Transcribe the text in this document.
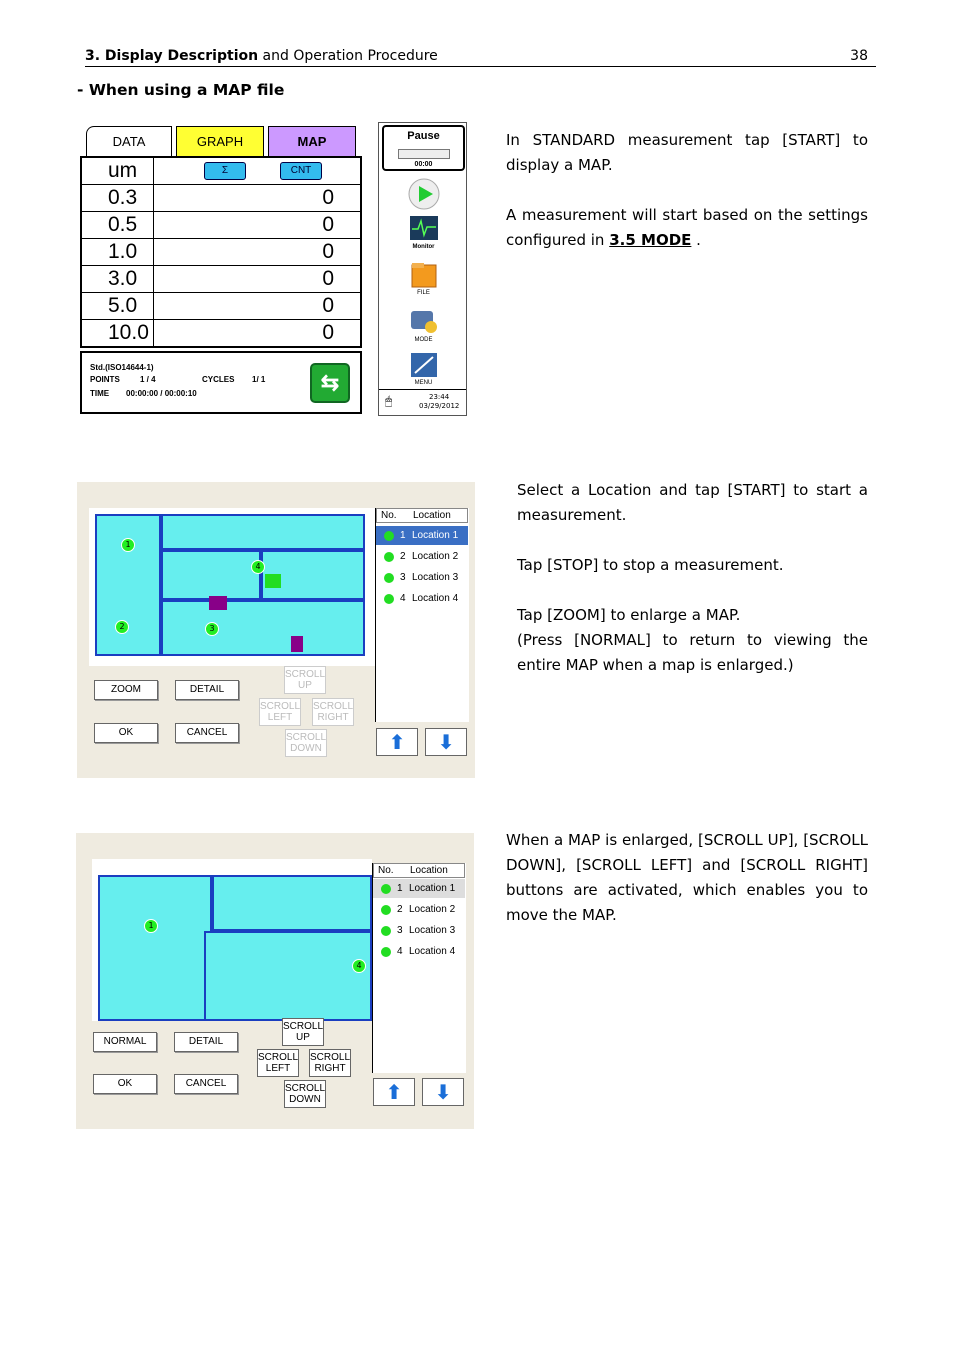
3. Display Description and Operation Procedure	38
- When using a MAP file
DATA	GRAPH	MAP
um	Σ	CNT
0.3	0
0.5	0
1.0	0
3.0	0
5.0	0
10.0	0
Std.(ISO14644-1)
POINTS	1 / 4	CYCLES 1/ 1
TIME 00:00:00 / 00:00:10	⇆
Pause
00:00
Monitor
FILE
MODE
MENU
🖱	23:44
03/29/2012

In STANDARD measurement tap [START] to display a MAP.

A measurement will start based on the settings configured in 3.5 MODE .

1
2	3
4
No. Location
1 Location 1
2 Location 2
3 Location 3
4 Location 4
ZOOM	DETAIL
OK	CANCEL
SCROLL UP
SCROLL LEFT
SCROLL RIGHT
SCROLL DOWN	⬆	⬇

Select a Location and tap [START] to start a measurement.

Tap [STOP] to stop a measurement.

Tap [ZOOM] to enlarge a MAP.

(Press [NORMAL] to return to viewing the entire MAP when a map is enlarged.)

1
4
No. Location
1 Location 1
2 Location 2
3 Location 3
4 Location 4
NORMAL	DETAIL
OK	CANCEL
SCROLL UP
SCROLL LEFT
SCROLL RIGHT
SCROLL DOWN	⬆	⬇

When a MAP is enlarged, [SCROLL UP], [SCROLL DOWN], [SCROLL LEFT] and [SCROLL RIGHT] buttons are activated, which enables you to move the MAP.
